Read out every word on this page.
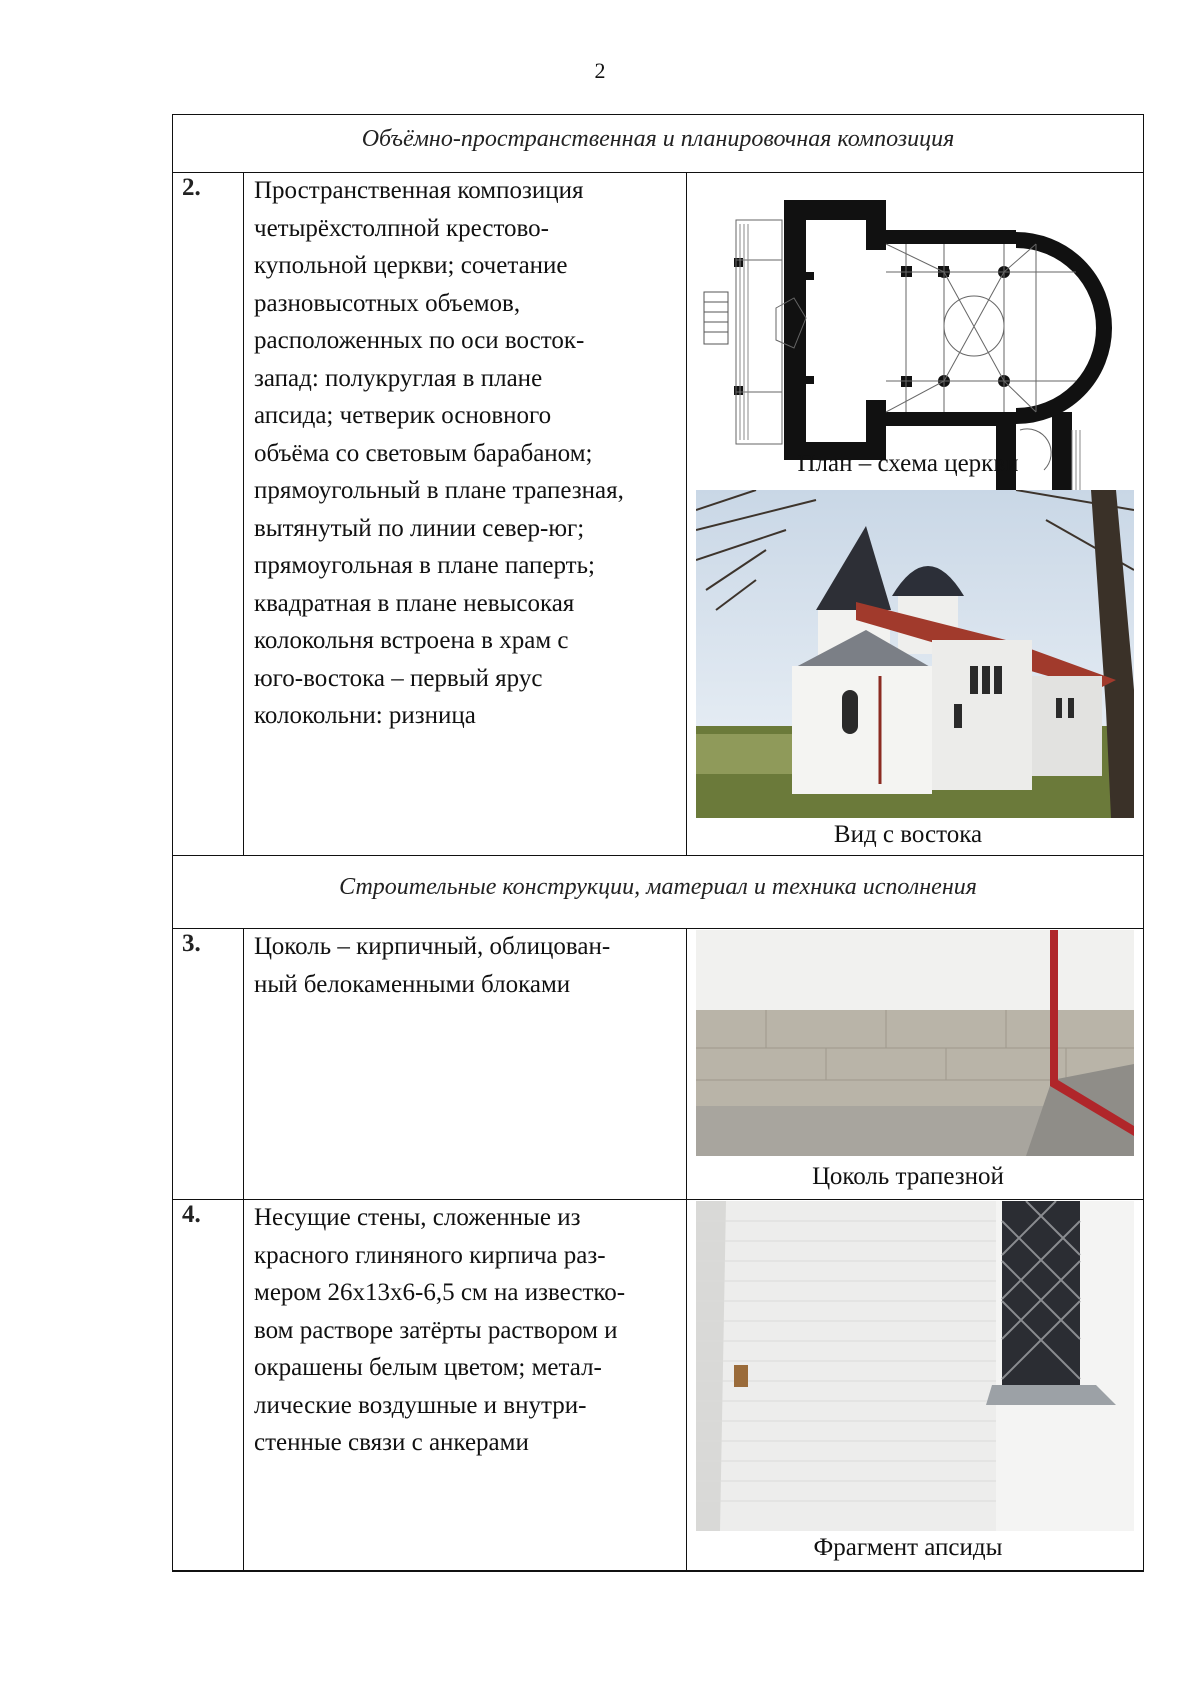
2
Объёмно-пространственная и планировочная композиция
2. Пространственная композиция
четырёхстолпной крестово-
купольной церкви; сочетание
разновысотных объемов,
расположенных по оси восток-
запад: полукруглая в плане
апсида; четверик основного
объёма со световым барабаном;
прямоугольный в плане трапезная,
вытянутый по линии север-юг;
прямоугольная в плане паперть;
квадратная в плане невысокая
колокольня встроена в храм с
юго-востока – первый ярус
колокольни: ризница
План – схема церкви
Вид с востока
Строительные конструкции, материал и техника исполнения
3. Цоколь – кирпичный, облицован-
ный белокаменными блоками
Цоколь трапезной
4. Несущие стены, сложенные из
красного глиняного кирпича раз-
мером 26х13х6-6,5 см на известко-
вом растворе затёрты раствором и
окрашены белым цветом; метал-
лические воздушные и внутри-
стенные связи с анкерами
Фрагмент апсиды
